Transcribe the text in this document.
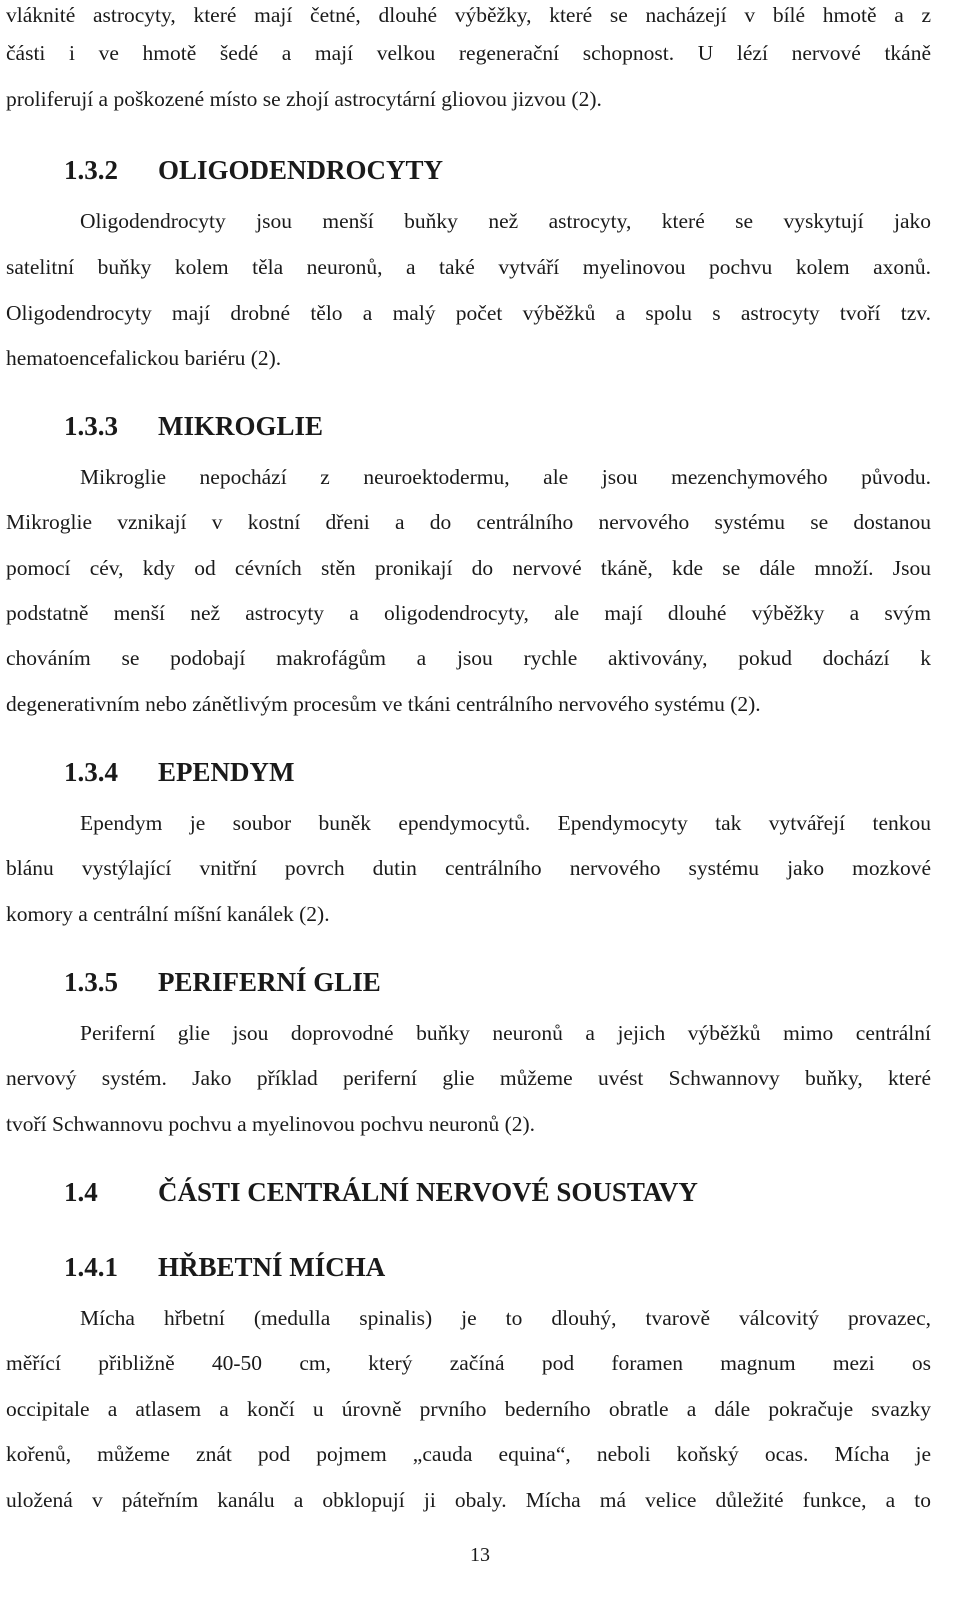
vláknité astrocyty, které mají četné, dlouhé výběžky, které se nacházejí v bílé hmotě a z
části i ve hmotě šedé a mají velkou regenerační schopnost. U lézí nervové tkáně
proliferují a poškozené místo se zhojí astrocytární gliovou jizvou (2).
1.3.2 OLIGODENDROCYTY
Oligodendrocyty jsou menší buňky než astrocyty, které se vyskytují jako
satelitní buňky kolem těla neuronů, a také vytváří myelinovou pochvu kolem axonů.
Oligodendrocyty mají drobné tělo a malý počet výběžků a spolu s astrocyty tvoří tzv.
hematoencefalickou bariéru (2).
1.3.3 MIKROGLIE
Mikroglie nepochází z neuroektodermu, ale jsou mezenchymového původu.
Mikroglie vznikají v kostní dřeni a do centrálního nervového systému se dostanou
pomocí cév, kdy od cévních stěn pronikají do nervové tkáně, kde se dále množí. Jsou
podstatně menší než astrocyty a oligodendrocyty, ale mají dlouhé výběžky a svým
chováním se podobají makrofágům a jsou rychle aktivovány, pokud dochází k
degenerativním nebo zánětlivým procesům ve tkáni centrálního nervového systému (2).
1.3.4 EPENDYM
Ependym je soubor buněk ependymocytů. Ependymocyty tak vytvářejí tenkou
blánu vystýlající vnitřní povrch dutin centrálního nervového systému jako mozkové
komory a centrální míšní kanálek (2).
1.3.5 PERIFERNÍ GLIE
Periferní glie jsou doprovodné buňky neuronů a jejich výběžků mimo centrální
nervový systém. Jako příklad periferní glie můžeme uvést Schwannovy buňky, které
tvoří Schwannovu pochvu a myelinovou pochvu neuronů (2).
1.4 ČÁSTI CENTRÁLNÍ NERVOVÉ SOUSTAVY
1.4.1 HŘBETNÍ MÍCHA
Mícha hřbetní (medulla spinalis) je to dlouhý, tvarově válcovitý provazec,
měřící přibližně 40-50 cm, který začíná pod foramen magnum mezi os
occipitale a atlasem a končí u úrovně prvního bederního obratle a dále pokračuje svazky
kořenů, můžeme znát pod pojmem „cauda equina“, neboli koňský ocas. Mícha je
uložená v páteřním kanálu a obklopují ji obaly. Mícha má velice důležité funkce, a to
13
